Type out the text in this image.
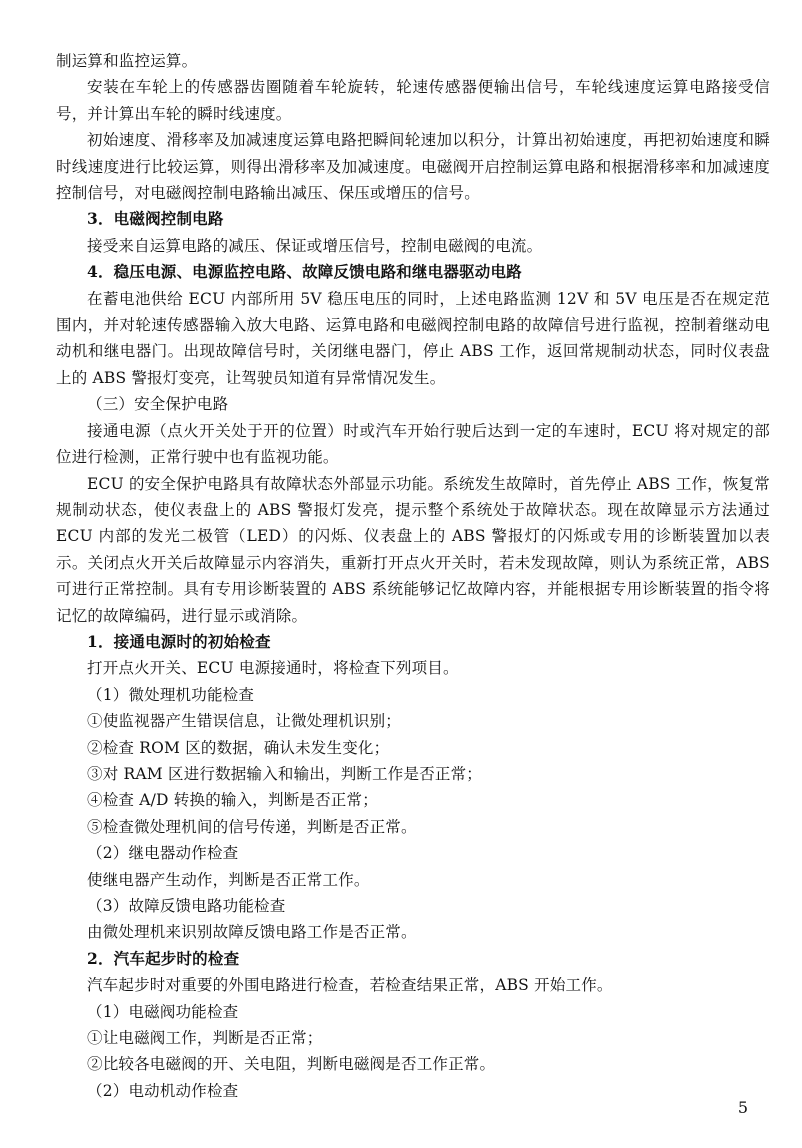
制运算和监控运算。

安装在车轮上的传感器齿圈随着车轮旋转，轮速传感器便输出信号，车轮线速度运算电路接受信号，并计算出车轮的瞬时线速度。

初始速度、滑移率及加减速度运算电路把瞬间轮速加以积分，计算出初始速度，再把初始速度和瞬时线速度进行比较运算，则得出滑移率及加减速度。电磁阀开启控制运算电路和根据滑移率和加减速度控制信号，对电磁阀控制电路输出减压、保压或增压的信号。

3．电磁阀控制电路

接受来自运算电路的减压、保证或增压信号，控制电磁阀的电流。

4．稳压电源、电源监控电路、故障反馈电路和继电器驱动电路

在蓄电池供给 ECU 内部所用 5V 稳压电压的同时，上述电路监测 12V 和 5V 电压是否在规定范围内，并对轮速传感器输入放大电路、运算电路和电磁阀控制电路的故障信号进行监视，控制着继动电动机和继电器门。出现故障信号时，关闭继电器门，停止 ABS 工作，返回常规制动状态，同时仪表盘上的 ABS 警报灯变亮，让驾驶员知道有异常情况发生。

（三）安全保护电路

接通电源（点火开关处于开的位置）时或汽车开始行驶后达到一定的车速时，ECU 将对规定的部位进行检测，正常行驶中也有监视功能。

ECU 的安全保护电路具有故障状态外部显示功能。系统发生故障时，首先停止 ABS 工作，恢复常规制动状态，使仪表盘上的 ABS 警报灯发亮，提示整个系统处于故障状态。现在故障显示方法通过 ECU 内部的发光二极管（LED）的闪烁、仪表盘上的 ABS 警报灯的闪烁或专用的诊断装置加以表示。关闭点火开关后故障显示内容消失，重新打开点火开关时，若未发现故障，则认为系统正常，ABS 可进行正常控制。具有专用诊断装置的 ABS 系统能够记忆故障内容，并能根据专用诊断装置的指令将记忆的故障编码，进行显示或消除。

1．接通电源时的初始检查

打开点火开关、ECU 电源接通时，将检查下列项目。

（1）微处理机功能检查

①使监视器产生错误信息，让微处理机识别；

②检查 ROM 区的数据，确认未发生变化；

③对 RAM 区进行数据输入和输出，判断工作是否正常；

④检查 A/D 转换的输入，判断是否正常；

⑤检查微处理机间的信号传递，判断是否正常。

（2）继电器动作检查

使继电器产生动作，判断是否正常工作。

（3）故障反馈电路功能检查

由微处理机来识别故障反馈电路工作是否正常。

2．汽车起步时的检查

汽车起步时对重要的外围电路进行检查，若检查结果正常，ABS 开始工作。

（1）电磁阀功能检查

①让电磁阀工作，判断是否正常；

②比较各电磁阀的开、关电阻，判断电磁阀是否工作正常。

（2）电动机动作检查

5
